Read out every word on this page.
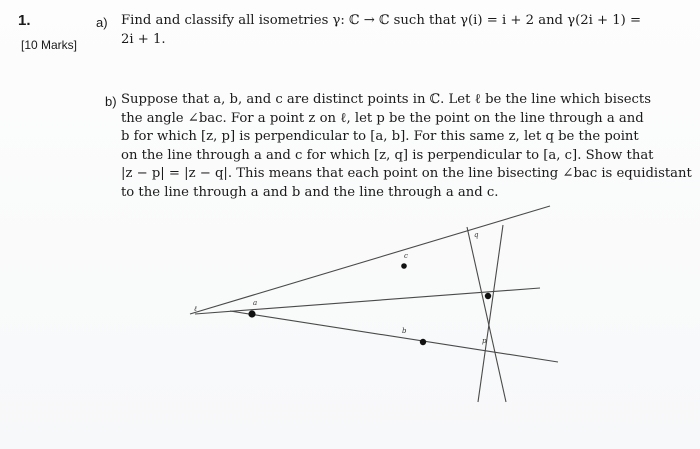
1.
[10 Marks]
a) Find and classify all isometries γ: ℂ → ℂ such that γ(i) = i + 2 and γ(2i + 1) =
2i + 1.
b) Suppose that a, b, and c are distinct points in ℂ. Let ℓ be the line which bisects
the angle ∠bac. For a point z on ℓ, let p be the point on the line through a and
b for which [z, p] is perpendicular to [a, b]. For this same z, let q be the point
on the line through a and c for which [z, q] is perpendicular to [a, c]. Show that
|z − p| = |z − q|. This means that each point on the line bisecting ∠bac is equidistant
to the line through a and b and the line through a and c.
ℓ
a
b
c
p
q
